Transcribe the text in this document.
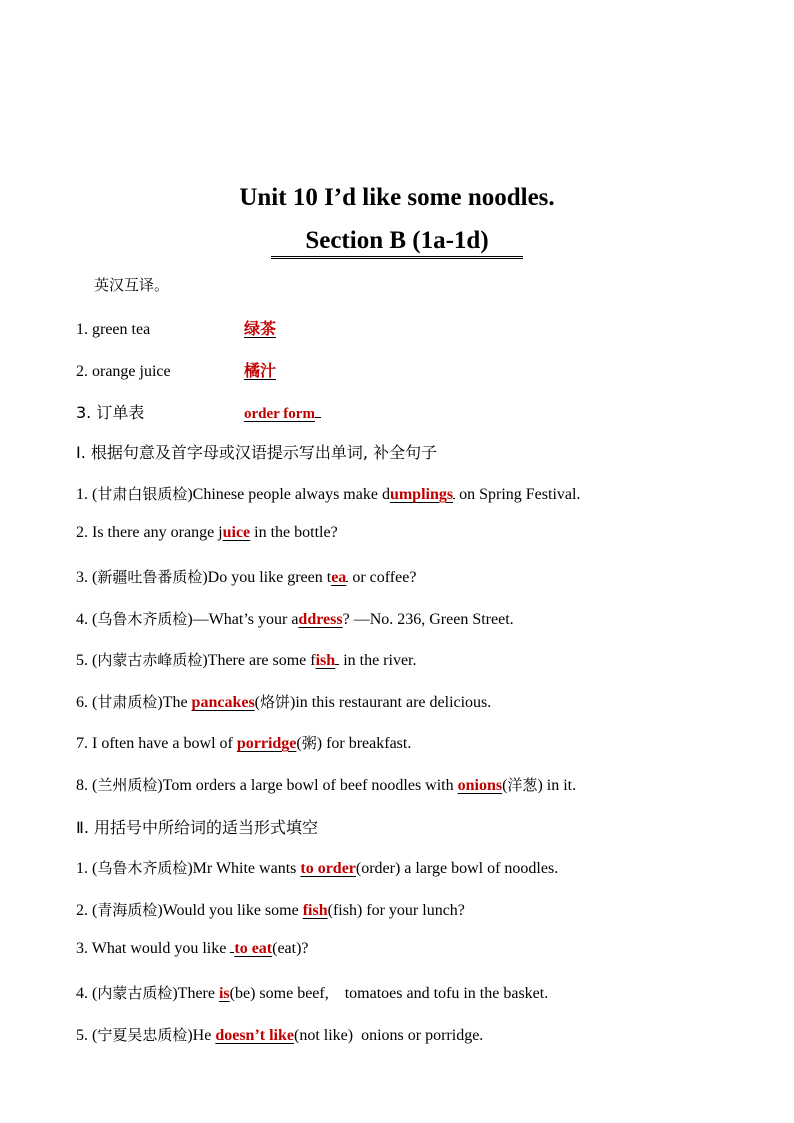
Unit 10 I’d like some noodles.
Section B (1a-1d)
英汉互译。
1. green tea	绿茶
2. orange juice	橘汁
3. 订单表	order form
Ⅰ. 根据句意及首字母或汉语提示写出单词, 补全句子
1. (甘肃白银质检)Chinese people always make dumplings on Spring Festival.
2. Is there any orange juice in the bottle?
3. (新疆吐鲁番质检)Do you like green tea or coffee?
4. (乌鲁木齐质检)—What’s your address? —No. 236, Green Street.
5. (内蒙古赤峰质检)There are some fish in the river.
6. (甘肃质检)The pancakes(烙饼)in this restaurant are delicious.
7. I often have a bowl of porridge(粥) for breakfast.
8. (兰州质检)Tom orders a large bowl of beef noodles with onions(洋葱) in it.
Ⅱ. 用括号中所给词的适当形式填空
1. (乌鲁木齐质检)Mr White wants to order(order) a large bowl of noodles.
2. (青海质检)Would you like some fish(fish) for your lunch?
3. What would you like to eat(eat)?
4. (内蒙古质检)There is(be) some beef,    tomatoes and tofu in the basket.
5. (宁夏吴忠质检)He doesn’t like(not like)  onions or porridge.
